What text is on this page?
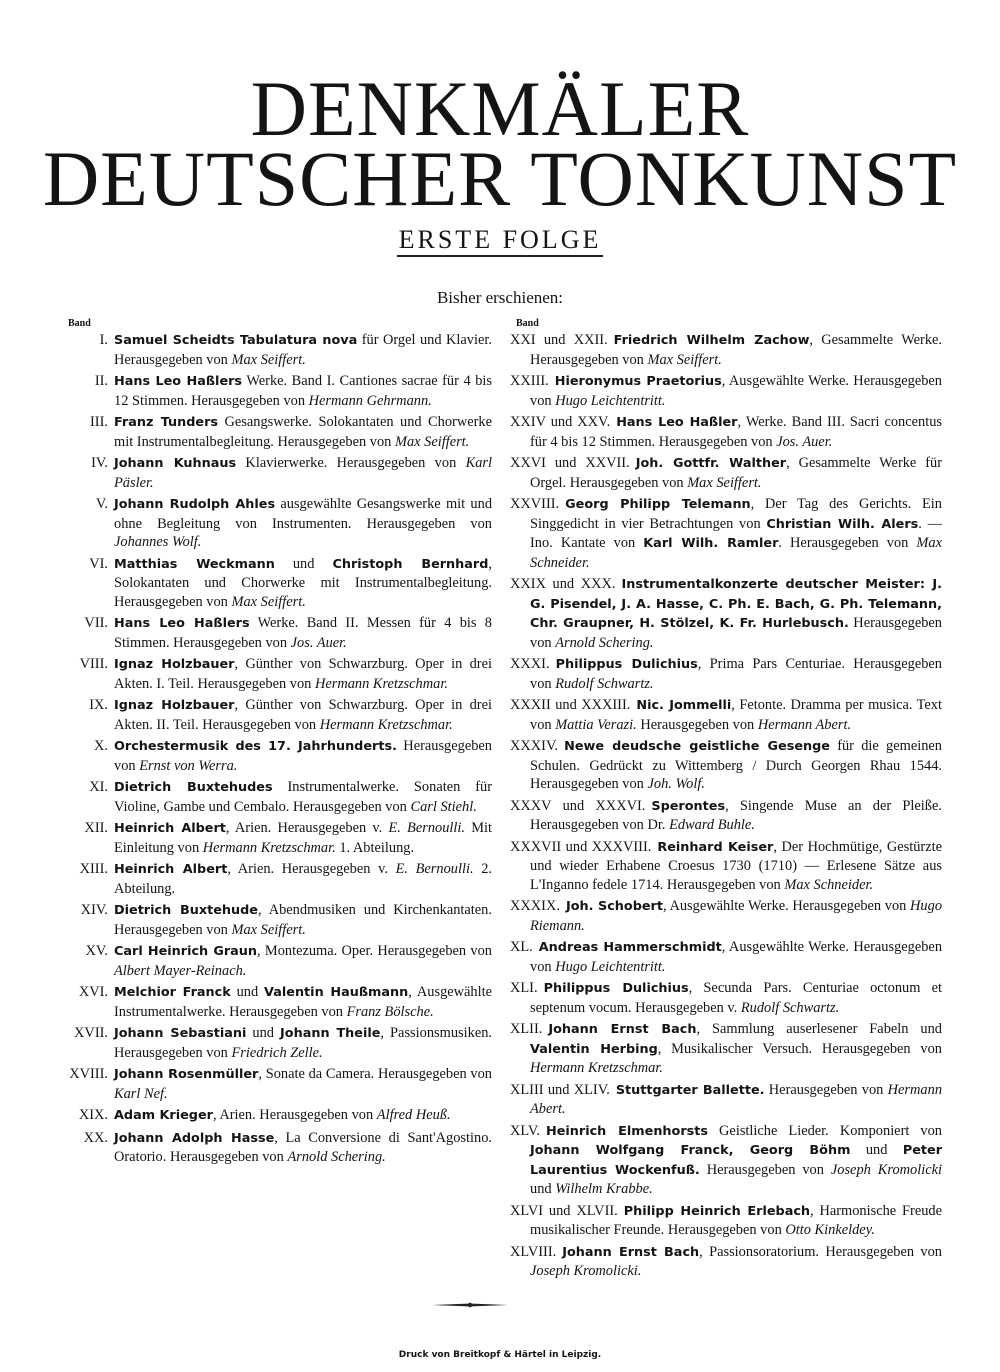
DENKMÄLER
DEUTSCHER TONKUNST
ERSTE FOLGE
Bisher erschienen:
Band
I. Samuel Scheidts Tabulatura nova für Orgel und Klavier. Herausgegeben von Max Seiffert.
II. Hans Leo Haßlers Werke. Band I. Cantiones sacrae für 4 bis 12 Stimmen. Herausgegeben von Hermann Gehrmann.
III. Franz Tunders Gesangswerke. Solokantaten und Chorwerke mit Instrumentalbegleitung. Herausgegeben von Max Seiffert.
IV. Johann Kuhnaus Klavierwerke. Herausgegeben von Karl Päsler.
V. Johann Rudolph Ahles ausgewählte Gesangswerke mit und ohne Begleitung von Instrumenten. Herausgegeben von Johannes Wolf.
VI. Matthias Weckmann und Christoph Bernhard, Solokantaten und Chorwerke mit Instrumentalbegleitung. Herausgegeben von Max Seiffert.
VII. Hans Leo Haßlers Werke. Band II. Messen für 4 bis 8 Stimmen. Herausgegeben von Jos. Auer.
VIII. Ignaz Holzbauer, Günther von Schwarzburg. Oper in drei Akten. I. Teil. Herausgegeben von Hermann Kretzschmar.
IX. Ignaz Holzbauer, Günther von Schwarzburg. Oper in drei Akten. II. Teil. Herausgegeben von Hermann Kretzschmar.
X. Orchestermusik des 17. Jahrhunderts. Herausgegeben von Ernst von Werra.
XI. Dietrich Buxtehudes Instrumentalwerke. Sonaten für Violine, Gambe und Cembalo. Herausgegeben von Carl Stiehl.
XII. Heinrich Albert, Arien. Herausgegeben v. E. Bernoulli. Mit Einleitung von Hermann Kretzschmar. 1. Abteilung.
XIII. Heinrich Albert, Arien. Herausgegeben v. E. Bernoulli. 2. Abteilung.
XIV. Dietrich Buxtehude, Abendmusiken und Kirchenkantaten. Herausgegeben von Max Seiffert.
XV. Carl Heinrich Graun, Montezuma. Oper. Herausgegeben von Albert Mayer-Reinach.
XVI. Melchior Franck und Valentin Haußmann, Ausgewählte Instrumentalwerke. Herausgegeben von Franz Bölsche.
XVII. Johann Sebastiani und Johann Theile, Passionsmusiken. Herausgegeben von Friedrich Zelle.
XVIII. Johann Rosenmüller, Sonate da Camera. Herausgegeben von Karl Nef.
XIX. Adam Krieger, Arien. Herausgegeben von Alfred Heuß.
XX. Johann Adolph Hasse, La Conversione di Sant'Agostino. Oratorio. Herausgegeben von Arnold Schering.
Band
XXI und XXII. Friedrich Wilhelm Zachow, Gesammelte Werke. Herausgegeben von Max Seiffert.
XXIII. Hieronymus Praetorius, Ausgewählte Werke. Herausgegeben von Hugo Leichtentritt.
XXIV und XXV. Hans Leo Haßler, Werke. Band III. Sacri concentus für 4 bis 12 Stimmen. Herausgegeben von Jos. Auer.
XXVI und XXVII. Joh. Gottfr. Walther, Gesammelte Werke für Orgel. Herausgegeben von Max Seiffert.
XXVIII. Georg Philipp Telemann, Der Tag des Gerichts. Ein Singgedicht in vier Betrachtungen von Christian Wilh. Alers. — Ino. Kantate von Karl Wilh. Ramler. Herausgegeben von Max Schneider.
XXIX und XXX. Instrumentalkonzerte deutscher Meister: J. G. Pisendel, J. A. Hasse, C. Ph. E. Bach, G. Ph. Telemann, Chr. Graupner, H. Stölzel, K. Fr. Hurlebusch. Herausgegeben von Arnold Schering.
XXXI. Philippus Dulichius, Prima Pars Centuriae. Herausgegeben von Rudolf Schwartz.
XXXII und XXXIII. Nic. Jommelli, Fetonte. Dramma per musica. Text von Mattia Verazi. Herausgegeben von Hermann Abert.
XXXIV. Newe deudsche geistliche Gesenge für die gemeinen Schulen. Gedrückt zu Wittemberg / Durch Georgen Rhau 1544. Herausgegeben von Joh. Wolf.
XXXV und XXXVI. Sperontes, Singende Muse an der Pleiße. Herausgegeben von Dr. Edward Buhle.
XXXVII und XXXVIII. Reinhard Keiser, Der Hochmütige, Gestürzte und wieder Erhabene Croesus 1730 (1710) — Erlesene Sätze aus L'Inganno fedele 1714. Herausgegeben von Max Schneider.
XXXIX. Joh. Schobert, Ausgewählte Werke. Herausgegeben von Hugo Riemann.
XL. Andreas Hammerschmidt, Ausgewählte Werke. Herausgegeben von Hugo Leichtentritt.
XLI. Philippus Dulichius, Secunda Pars. Centuriae octonum et septenum vocum. Herausgegeben v. Rudolf Schwartz.
XLII. Johann Ernst Bach, Sammlung auserlesener Fabeln und Valentin Herbing, Musikalischer Versuch. Herausgegeben von Hermann Kretzschmar.
XLIII und XLIV. Stuttgarter Ballette. Herausgegeben von Hermann Abert.
XLV. Heinrich Elmenhorsts Geistliche Lieder. Komponiert von Johann Wolfgang Franck, Georg Böhm und Peter Laurentius Wockenfuß. Herausgegeben von Joseph Kromolicki und Wilhelm Krabbe.
XLVI und XLVII. Philipp Heinrich Erlebach, Harmonische Freude musikalischer Freunde. Herausgegeben von Otto Kinkeldey.
XLVIII. Johann Ernst Bach, Passionsoratorium. Herausgegeben von Joseph Kromolicki.
Druck von Breitkopf & Härtel in Leipzig.
